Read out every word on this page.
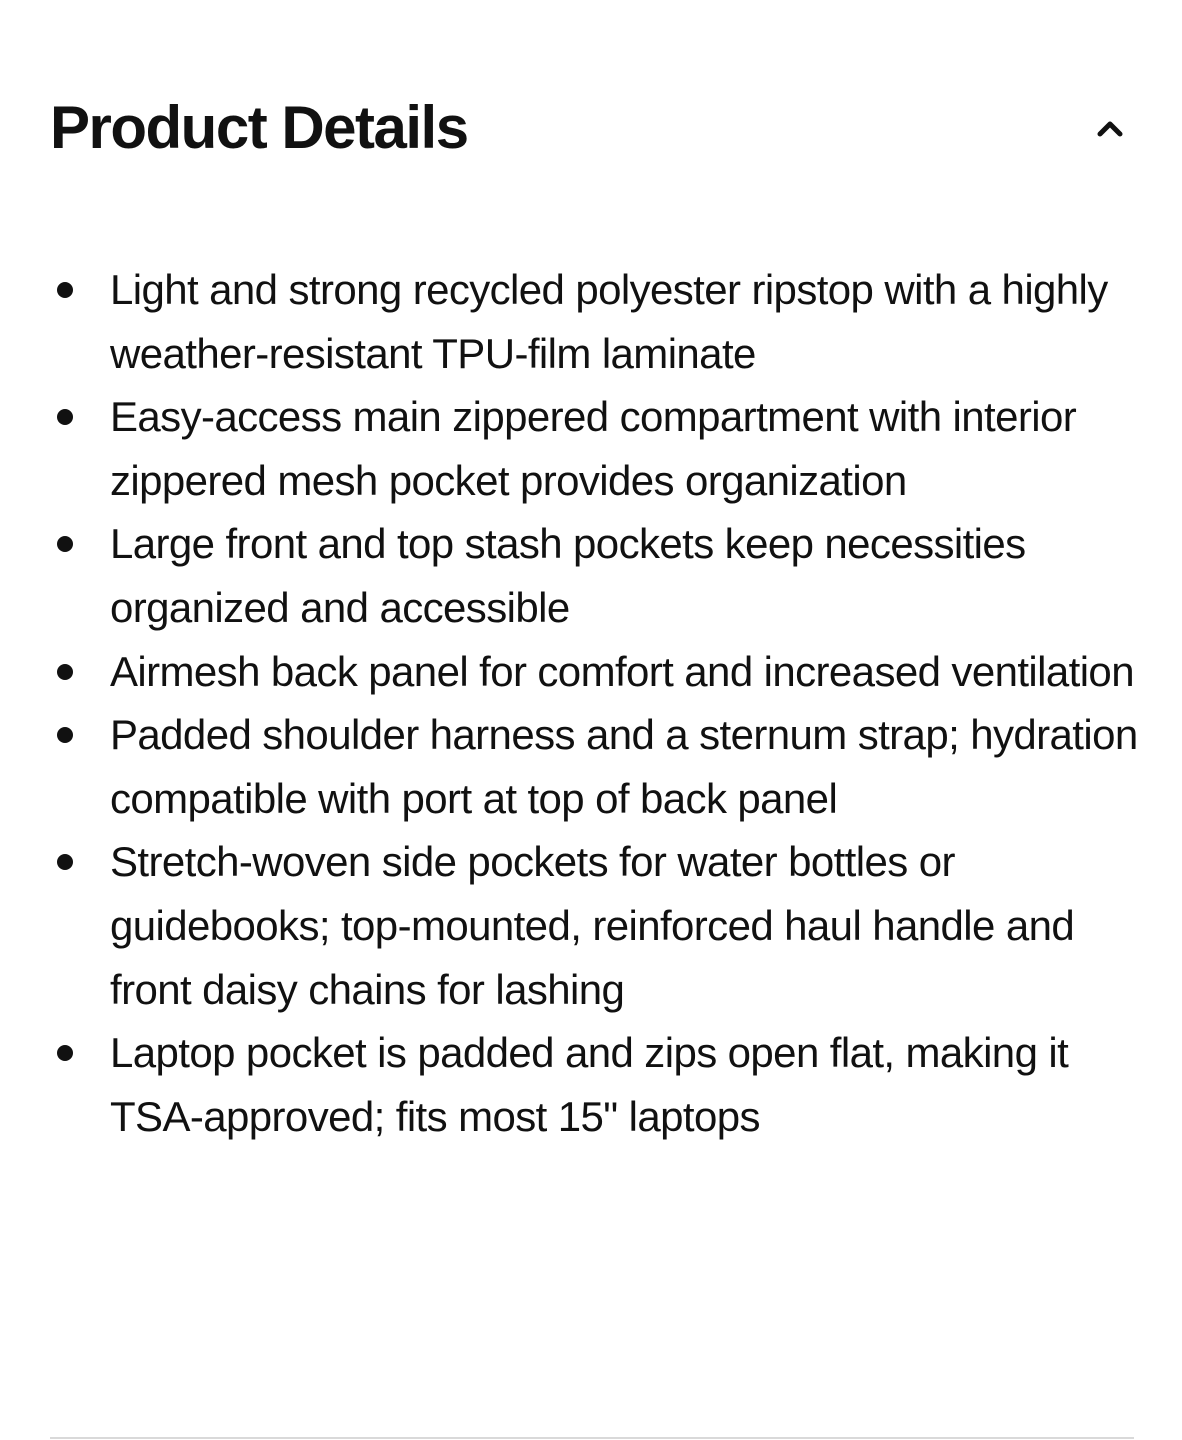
Product Details
Light and strong recycled polyester ripstop with a highly weather-resistant TPU-film laminate
Easy-access main zippered compartment with interior zippered mesh pocket provides organization
Large front and top stash pockets keep necessities organized and accessible
Airmesh back panel for comfort and increased ventilation
Padded shoulder harness and a sternum strap; hydration compatible with port at top of back panel
Stretch-woven side pockets for water bottles or guidebooks; top-mounted, reinforced haul handle and front daisy chains for lashing
Laptop pocket is padded and zips open flat, making it TSA-approved; fits most 15" laptops
